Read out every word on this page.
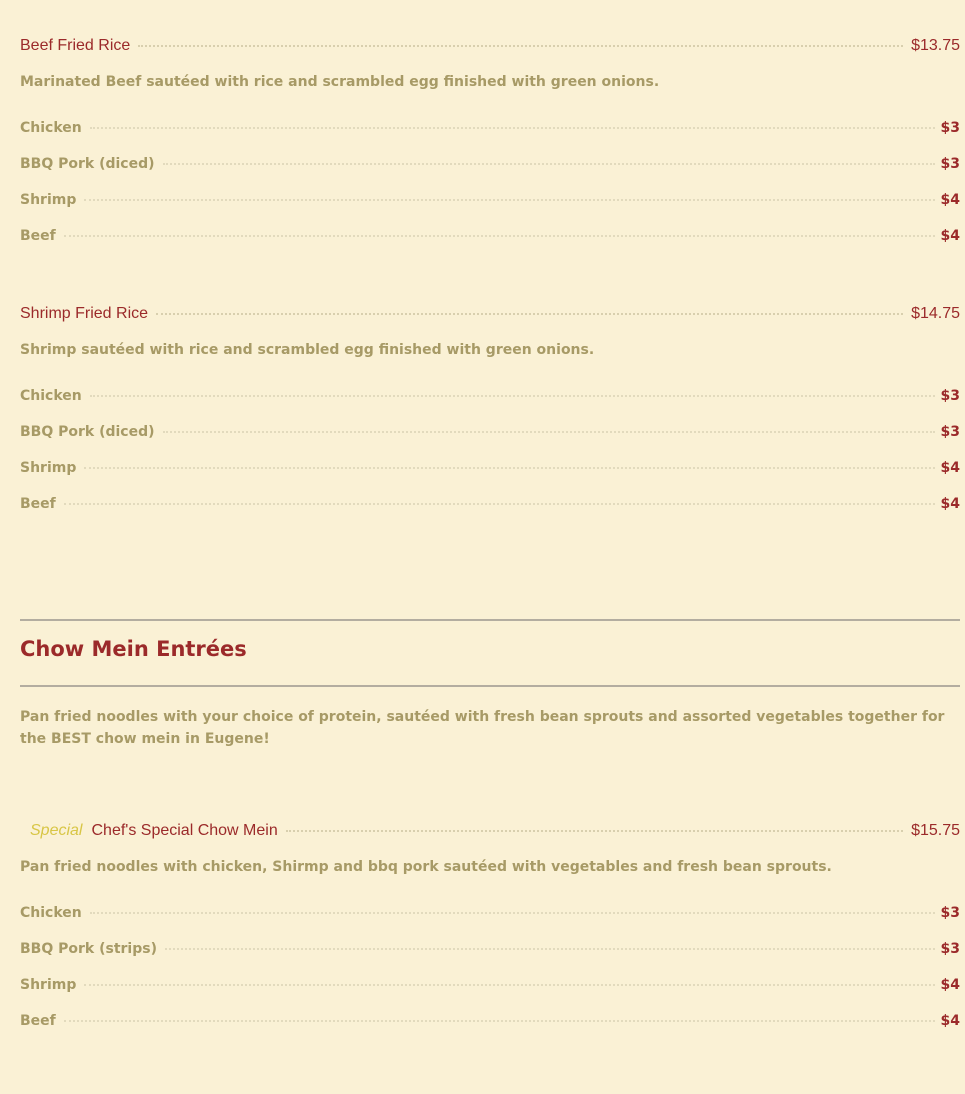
Beef Fried Rice	$13.75
Marinated Beef sautéed with rice and scrambled egg finished with green onions.
Chicken	$3
BBQ Pork (diced)	$3
Shrimp	$4
Beef	$4
Shrimp Fried Rice	$14.75
Shrimp sautéed with rice and scrambled egg finished with green onions.
Chicken	$3
BBQ Pork (diced)	$3
Shrimp	$4
Beef	$4
Chow Mein Entrées
Pan fried noodles with your choice of protein, sautéed with fresh bean sprouts and assorted vegetables together for the BEST chow mein in Eugene!
Special Chef's Special Chow Mein	$15.75
Pan fried noodles with chicken, Shirmp and bbq pork sautéed with vegetables and fresh bean sprouts.
Chicken	$3
BBQ Pork (strips)	$3
Shrimp	$4
Beef	$4
